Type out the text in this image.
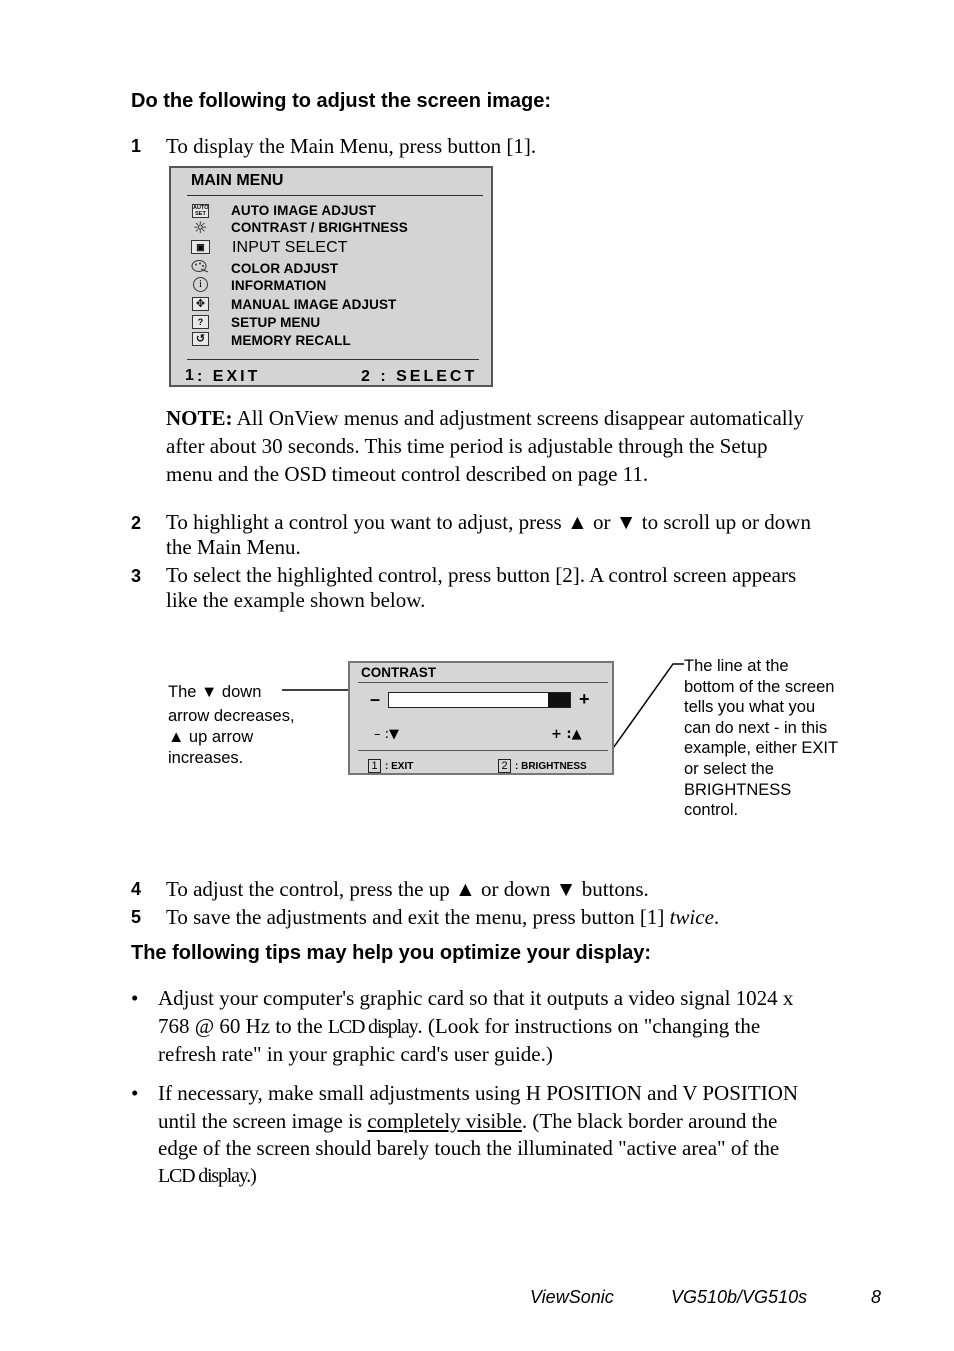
Do the following to adjust the screen image:
1 To display the Main Menu, press button [1].
MAIN MENU
AUTO SET AUTO IMAGE ADJUST
☼ CONTRAST / BRIGHTNESS
▣	INPUT SELECT
COLOR ADJUST
i	INFORMATION
✥ MANUAL IMAGE ADJUST
?	SETUP MENU
↺ MEMORY RECALL
1 : EXIT	2 : SELECT
NOTE: All OnView menus and adjustment screens disappear automatically
after about 30 seconds. This time period is adjustable through the Setup
menu and the OSD timeout control described on page 11.
2 To highlight a control you want to adjust, press ▲ or ▼ to scroll up or down
the Main Menu.
3 To select the highlighted control, press button [2]. A control screen appears
like the example shown below.
The ▼ down
arrow decreases,
▲ up arrow
increases.
CONTRAST
–	+
– :▼	+ :▲
1 : EXIT	2 : BRIGHTNESS
The line at the
bottom of the screen
tells you what you
can do next - in this
example, either EXIT
or select the
BRIGHTNESS
control.
4 To adjust the control, press the up ▲ or down ▼ buttons.
5 To save the adjustments and exit the menu, press button [1] twice.
The following tips may help you optimize your display:
• Adjust your computer's graphic card so that it outputs a video signal 1024 x
768 @ 60 Hz to the LCD display. (Look for instructions on "changing the
refresh rate" in your graphic card's user guide.)
• If necessary, make small adjustments using H POSITION and V POSITION
until the screen image is completely visible. (The black border around the
edge of the screen should barely touch the illuminated "active area" of the
LCD display.)
ViewSonic	VG510b/VG510s	8
